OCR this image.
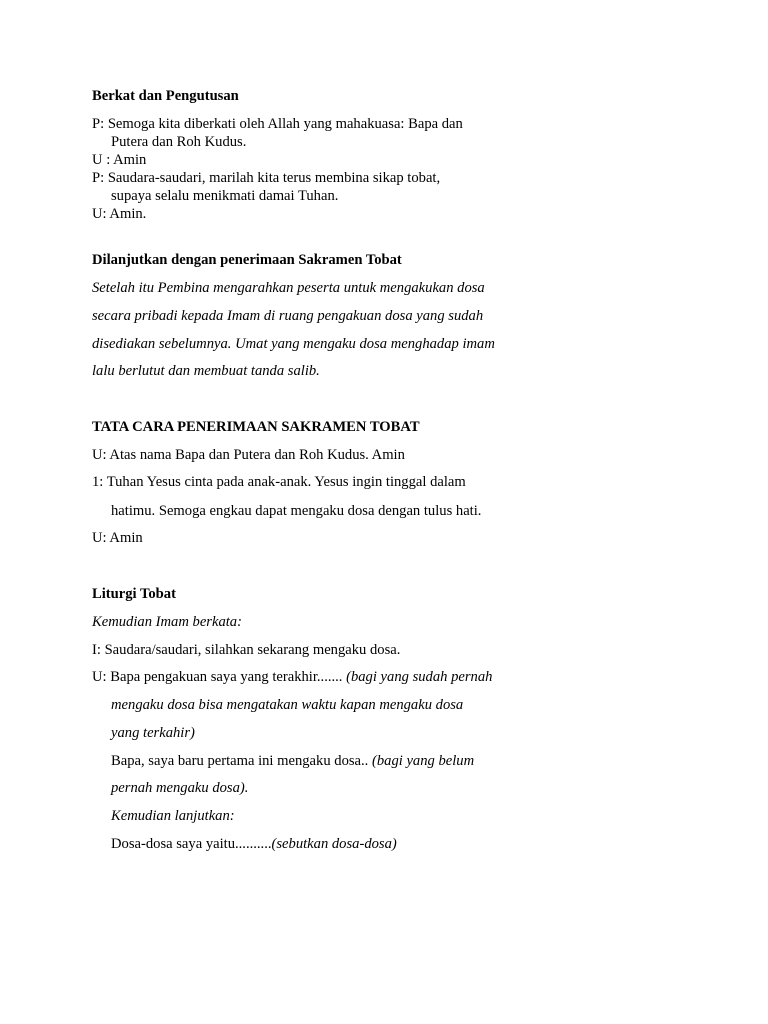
Berkat dan Pengutusan
P: Semoga kita diberkati oleh Allah yang mahakuasa: Bapa dan
Putera dan Roh Kudus.
U : Amin
P: Saudara-saudari, marilah kita terus membina sikap tobat,
supaya selalu menikmati damai Tuhan.
U: Amin.
Dilanjutkan dengan penerimaan Sakramen Tobat
Setelah itu Pembina mengarahkan peserta untuk mengakukan dosa
secara pribadi kepada Imam di ruang pengakuan dosa yang sudah
disediakan sebelumnya. Umat yang mengaku dosa menghadap imam
lalu berlutut dan membuat tanda salib.
TATA CARA PENERIMAAN SAKRAMEN TOBAT
U: Atas nama Bapa dan Putera dan Roh Kudus. Amin
1: Tuhan Yesus cinta pada anak-anak. Yesus ingin tinggal dalam
hatimu. Semoga engkau dapat mengaku dosa dengan tulus hati.
U: Amin
Liturgi Tobat
Kemudian Imam berkata:
I: Saudara/saudari, silahkan sekarang mengaku dosa.
U: Bapa pengakuan saya yang terakhir....... (bagi yang sudah pernah
mengaku dosa bisa mengatakan waktu kapan mengaku dosa
yang terkahir)
Bapa, saya baru pertama ini mengaku dosa.. (bagi yang belum
pernah mengaku dosa).
Kemudian lanjutkan:
Dosa-dosa saya yaitu..........(sebutkan dosa-dosa)
